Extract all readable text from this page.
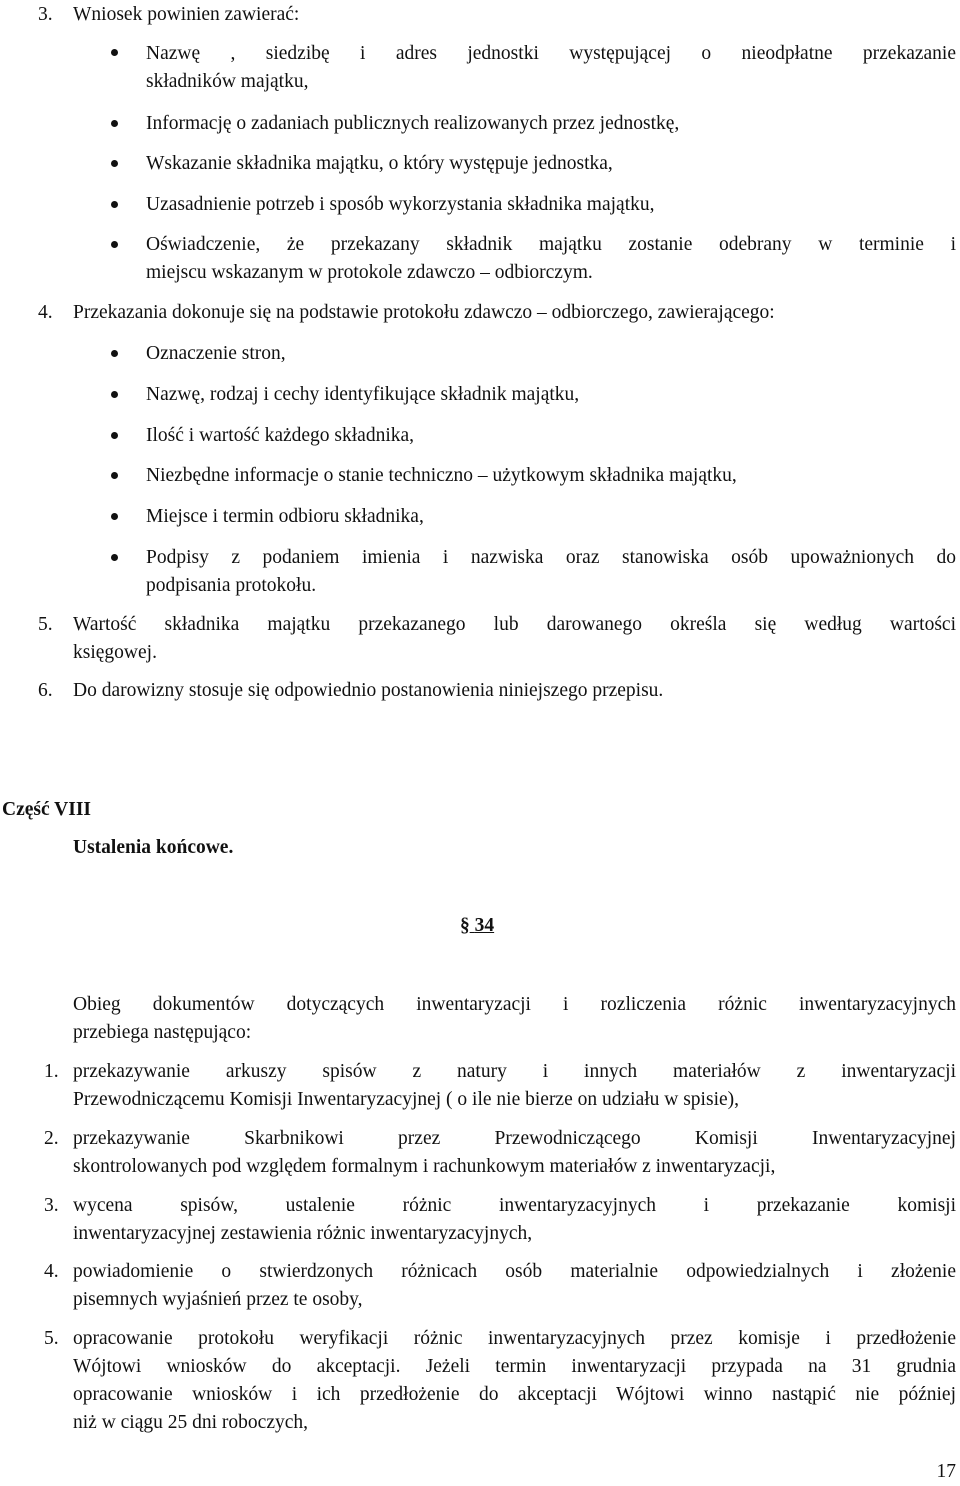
3. Wniosek powinien zawierać:
Nazwę , siedzibę i adres jednostki występującej o nieodpłatne przekazanie
składników majątku,
Informację o zadaniach publicznych realizowanych przez jednostkę,
Wskazanie składnika majątku, o który występuje jednostka,
Uzasadnienie potrzeb i sposób wykorzystania składnika majątku,
Oświadczenie, że przekazany składnik majątku zostanie odebrany w terminie i
miejscu wskazanym w protokole zdawczo – odbiorczym.
4. Przekazania dokonuje się na podstawie protokołu zdawczo – odbiorczego, zawierającego:
Oznaczenie stron,
Nazwę, rodzaj i cechy identyfikujące składnik majątku,
Ilość i wartość każdego składnika,
Niezbędne informacje o stanie techniczno – użytkowym składnika majątku,
Miejsce i termin odbioru składnika,
Podpisy z podaniem imienia i nazwiska oraz stanowiska osób upoważnionych do
podpisania protokołu.
5. Wartość składnika majątku przekazanego lub darowanego określa się według wartości
księgowej.
6. Do darowizny stosuje się odpowiednio postanowienia niniejszego przepisu.
Część VIII
Ustalenia końcowe.
§ 34
Obieg dokumentów dotyczących inwentaryzacji i rozliczenia różnic inwentaryzacyjnych
przebiega następująco:
1. przekazywanie arkuszy spisów z natury i innych materiałów z inwentaryzacji
Przewodniczącemu Komisji Inwentaryzacyjnej ( o ile nie bierze on udziału w spisie),
2. przekazywanie Skarbnikowi przez Przewodniczącego Komisji Inwentaryzacyjnej
skontrolowanych pod względem formalnym i rachunkowym materiałów z inwentaryzacji,
3. wycena spisów, ustalenie różnic inwentaryzacyjnych i przekazanie komisji
inwentaryzacyjnej zestawienia różnic inwentaryzacyjnych,
4. powiadomienie o stwierdzonych różnicach osób materialnie odpowiedzialnych i złożenie
pisemnych wyjaśnień przez te osoby,
5. opracowanie protokołu weryfikacji różnic inwentaryzacyjnych przez komisje i przedłożenie
Wójtowi wniosków do akceptacji. Jeżeli termin inwentaryzacji przypada na 31 grudnia
opracowanie wniosków i ich przedłożenie do akceptacji Wójtowi winno nastąpić nie później
niż w ciągu 25 dni roboczych,
17
